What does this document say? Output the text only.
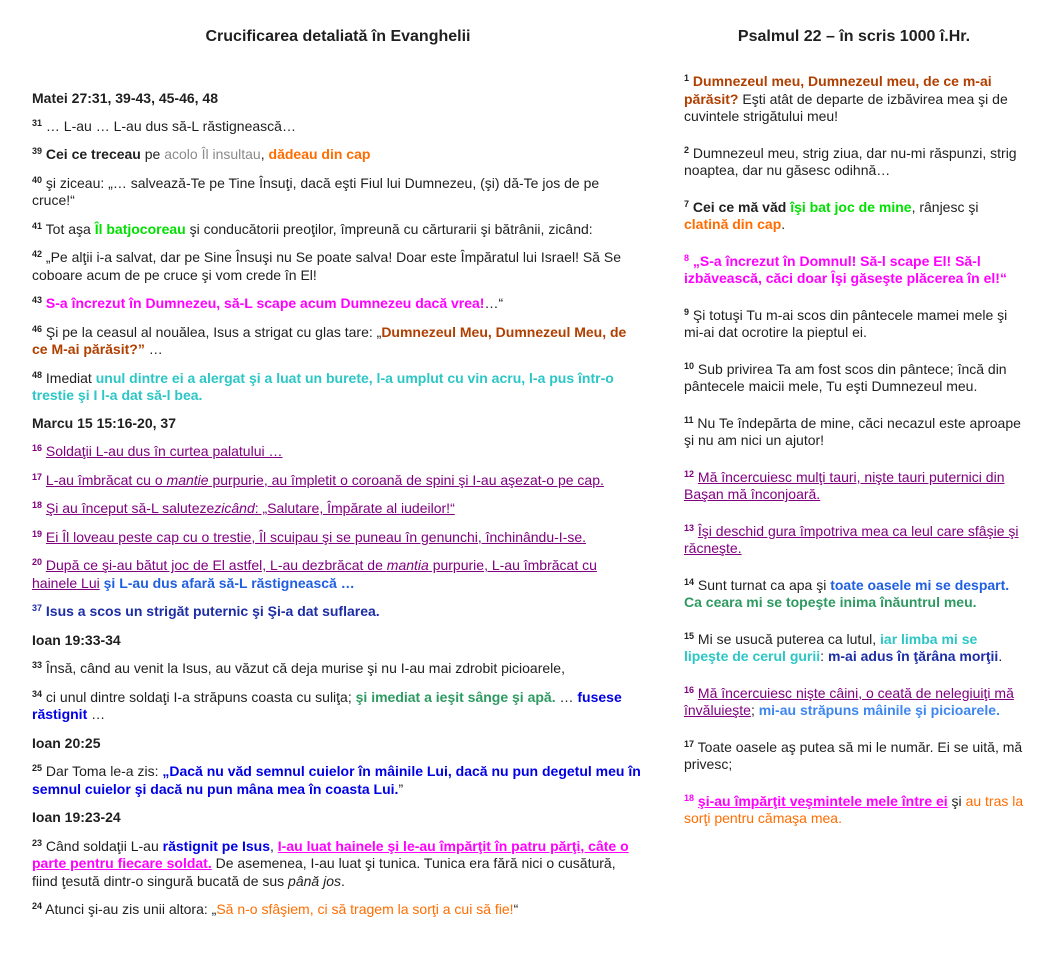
Crucificarea detaliată în Evanghelii	Psalmul 22 – în scris 1000 î.Hr.

Matei 27:31, 39-43, 45-46, 48

$^{31}$ … L-au … L-au dus să-L răstignească…

$^{39}$ Cei ce treceau pe acolo Îl insultau, dădeau din cap

$^{40}$ şi ziceau: „… salvează-Te pe Tine Însuţi, dacă eşti Fiul lui Dumnezeu, (şi) dă-Te jos de pe cruce!“

$^{41}$ Tot aşa Îl batjocoreau şi conducătorii preoţilor, împreună cu cărturarii şi bătrânii, zicând:

$^{42}$ „Pe alţii i-a salvat, dar pe Sine Însuşi nu Se poate salva! Doar este Împăratul lui Israel! Să Se coboare acum de pe cruce şi vom crede în El!

$^{43}$ S-a încrezut în Dumnezeu, să-L scape acum Dumnezeu dacă vrea!…“

$^{46}$ Şi pe la ceasul al nouălea, Isus a strigat cu glas tare: „Dumnezeul Meu, Dumnezeul Meu, de ce M-ai părăsit?” …

$^{48}$ Imediat unul dintre ei a alergat şi a luat un burete, l-a umplut cu vin acru, l-a pus într-o trestie şi I l-a dat să-l bea.

Marcu 15 15:16-20, 37

$^{16}$ Soldaţii L-au dus în curtea palatului …

$^{17}$ L-au îmbrăcat cu o mantie purpurie, au împletit o coroană de spini şi I-au aşezat-o pe cap.

$^{18}$ Şi au început să-L salutezezicând: „Salutare, Împărate al iudeilor!“

$^{19}$ Ei Îl loveau peste cap cu o trestie, Îl scuipau şi se puneau în genunchi, închinându-I-se.

$^{20}$ După ce şi-au bătut joc de El astfel, L-au dezbrăcat de mantia purpurie, L-au îmbrăcat cu hainele Lui şi L-au dus afară să-L răstignească …

$^{37}$ Isus a scos un strigăt puternic şi Şi-a dat suflarea.

Ioan 19:33-34

$^{33}$ Însă, când au venit la Isus, au văzut că deja murise şi nu I-au mai zdrobit picioarele,

$^{34}$ ci unul dintre soldaţi I-a străpuns coasta cu suliţa; şi imediat a ieşit sânge şi apă. … fusese răstignit …

Ioan 20:25

$^{25}$ Dar Toma le-a zis: „Dacă nu văd semnul cuielor în mâinile Lui, dacă nu pun degetul meu în semnul cuielor şi dacă nu pun mâna mea în coasta Lui.”

Ioan 19:23-24

$^{23}$ Când soldaţii L-au răstignit pe Isus, I-au luat hainele şi le-au împărţit în patru părţi, câte o parte pentru fiecare soldat. De asemenea, I-au luat şi tunica. Tunica era fără nici o cusătură, fiind ţesută dintr-o singură bucată de sus până jos.

$^{24}$ Atunci şi-au zis unii altora: „Să n-o sfâşiem, ci să tragem la sorţi a cui să fie!“

$^1$ Dumnezeul meu, Dumnezeul meu, de ce m-ai părăsit? Eşti atât de departe de izbăvirea mea şi de cuvintele strigătului meu!

$^2$ Dumnezeul meu, strig ziua, dar nu-mi răspunzi, strig noaptea, dar nu găsesc odihnă…

$^7$ Cei ce mă văd îşi bat joc de mine, rânjesc şi clatină din cap.

$^8$ „S-a încrezut în Domnul! Să-l scape El! Să-l izbăvească, căci doar Îşi găseşte plăcerea în el!“

$^9$ Şi totuşi Tu m-ai scos din pântecele mamei mele şi mi-ai dat ocrotire la pieptul ei.

$^{10}$ Sub privirea Ta am fost scos din pântece; încă din pântecele maicii mele, Tu eşti Dumnezeul meu.

$^{11}$ Nu Te îndepărta de mine, căci necazul este aproape şi nu am nici un ajutor!

$^{12}$ Mă încercuiesc mulţi tauri, nişte tauri puternici din Başan mă înconjoară.

$^{13}$ Îşi deschid gura împotriva mea ca leul care sfâşie şi răcneşte.

$^{14}$ Sunt turnat ca apa şi toate oasele mi se despart. Ca ceara mi se topeşte inima înăuntrul meu.

$^{15}$ Mi se usucă puterea ca lutul, iar limba mi se lipeşte de cerul gurii: m-ai adus în ţărâna morţii.

$^{16}$ Mă încercuiesc nişte câini, o ceată de nelegiuiţi mă învăluieşte; mi-au străpuns mâinile şi picioarele.

$^{17}$ Toate oasele aş putea să mi le număr. Ei se uită, mă privesc;

$^{18}$ şi-au împărţit veşmintele mele între ei şi au tras la sorţi pentru cămaşa mea.
